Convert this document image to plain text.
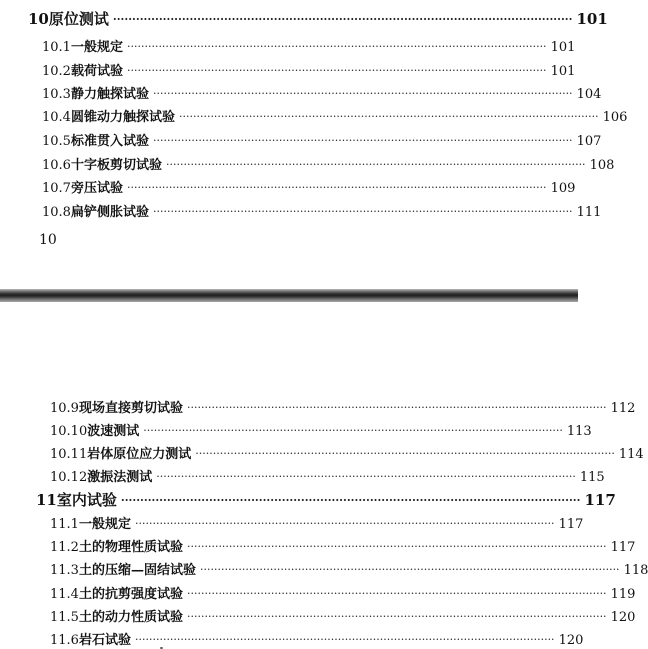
10 原位测试 ························································································································ 101
10.1 一般规定 ························································································································ 101
10.2 载荷试验 ························································································································ 101
10.3 静力触探试验 ························································································································ 104
10.4 圆锥动力触探试验 ························································································································ 106
10.5 标准贯入试验 ························································································································ 107
10.6 十字板剪切试验 ························································································································ 108
10.7 旁压试验 ························································································································ 109
10.8 扁铲侧胀试验 ························································································································ 111
10
10.9 现场直接剪切试验 ························································································································ 112
10.10 波速测试 ························································································································ 113
10.11 岩体原位应力测试 ························································································································ 114
10.12 激振法测试 ························································································································ 115
11 室内试验 ························································································································ 117
11.1 一般规定 ························································································································ 117
11.2 土的物理性质试验 ························································································································ 117
11.3 土的压缩—固结试验 ························································································································ 118
11.4 土的抗剪强度试验 ························································································································ 119
11.5 土的动力性质试验 ························································································································ 120
11.6 岩石试验 ························································································································ 120
